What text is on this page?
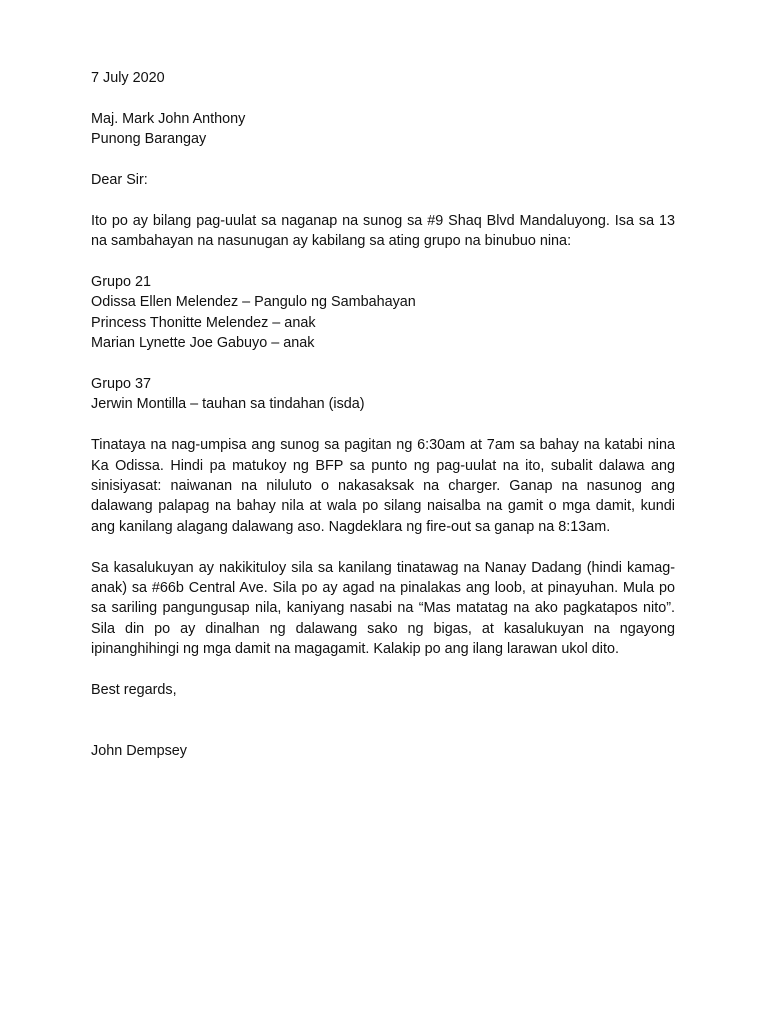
7 July 2020

Maj. Mark John Anthony

Punong Barangay

Dear Sir:

Ito po ay bilang pag-uulat sa naganap na sunog sa #9 Shaq Blvd Mandaluyong. Isa sa 13 na sambahayan na nasunugan ay kabilang sa ating grupo na binubuo nina:

Grupo 21

Odissa Ellen Melendez – Pangulo ng Sambahayan

Princess Thonitte Melendez – anak

Marian Lynette Joe Gabuyo – anak

Grupo 37

Jerwin Montilla – tauhan sa tindahan (isda)

Tinataya na nag-umpisa ang sunog sa pagitan ng 6:30am at 7am sa bahay na katabi nina Ka Odissa. Hindi pa matukoy ng BFP sa punto ng pag-uulat na ito, subalit dalawa ang sinisiyasat: naiwanan na niluluto o nakasaksak na charger. Ganap na nasunog ang dalawang palapag na bahay nila at wala po silang naisalba na gamit o mga damit, kundi ang kanilang alagang dalawang aso. Nagdeklara ng fire-out sa ganap na 8:13am.

Sa kasalukuyan ay nakikituloy sila sa kanilang tinatawag na Nanay Dadang (hindi kamag-anak) sa #66b Central Ave. Sila po ay agad na pinalakas ang loob, at pinayuhan. Mula po sa sariling pangungusap nila, kaniyang nasabi na “Mas matatag na ako pagkatapos nito”. Sila din po ay dinalhan ng dalawang sako ng bigas, at kasalukuyan na ngayong ipinanghihingi ng mga damit na magagamit. Kalakip po ang ilang larawan ukol dito.

Best regards,

John Dempsey
